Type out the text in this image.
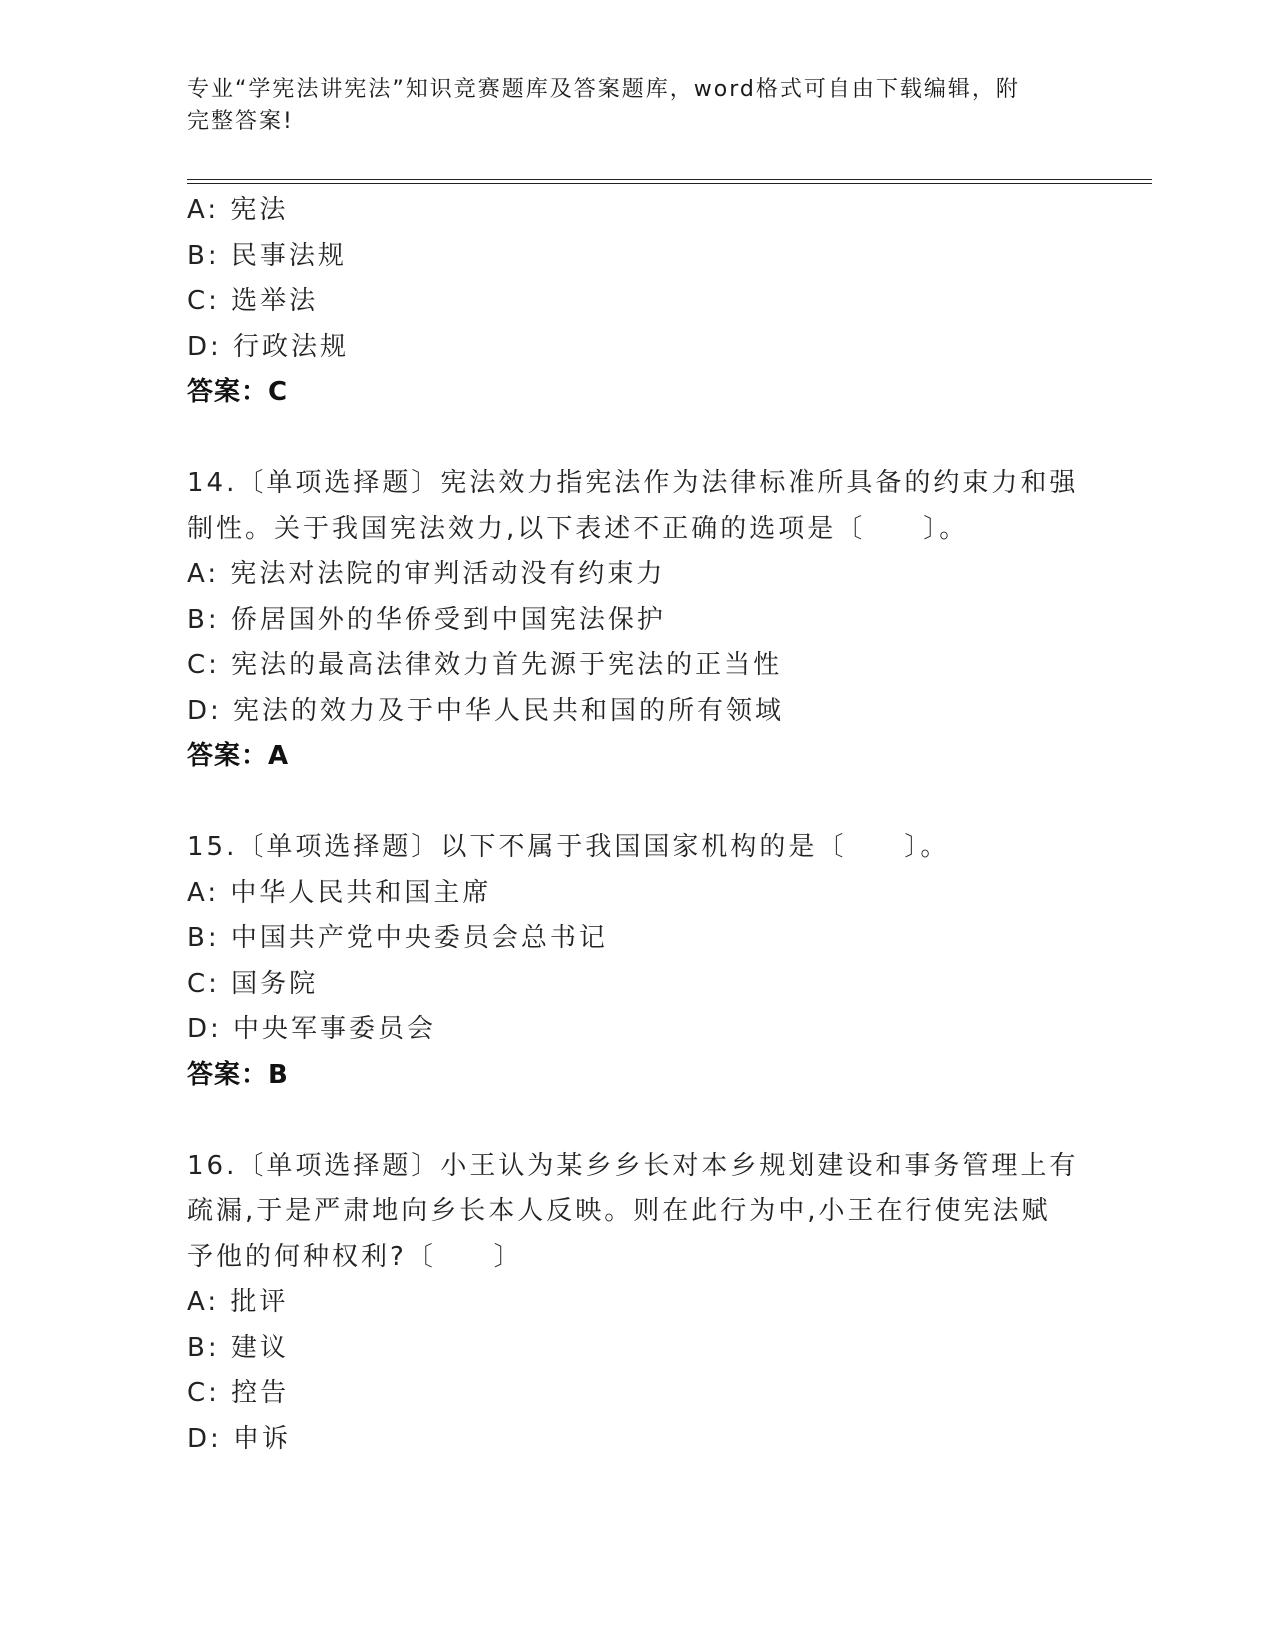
专业“学宪法讲宪法”知识竞赛题库及答案题库，word格式可自由下载编辑，附
完整答案!
A: 宪法
B: 民事法规
C: 选举法
D: 行政法规
答案：C
14.〔单项选择题〕宪法效力指宪法作为法律标准所具备的约束力和强
制性。关于我国宪法效力,以下表述不正确的选项是〔　　〕。
A: 宪法对法院的审判活动没有约束力
B: 侨居国外的华侨受到中国宪法保护
C: 宪法的最高法律效力首先源于宪法的正当性
D: 宪法的效力及于中华人民共和国的所有领域
答案：A
15.〔单项选择题〕以下不属于我国国家机构的是〔　　〕。
A: 中华人民共和国主席
B: 中国共产党中央委员会总书记
C: 国务院
D: 中央军事委员会
答案：B
16.〔单项选择题〕小王认为某乡乡长对本乡规划建设和事务管理上有
疏漏,于是严肃地向乡长本人反映。则在此行为中,小王在行使宪法赋
予他的何种权利?〔　　〕
A: 批评
B: 建议
C: 控告
D: 申诉
